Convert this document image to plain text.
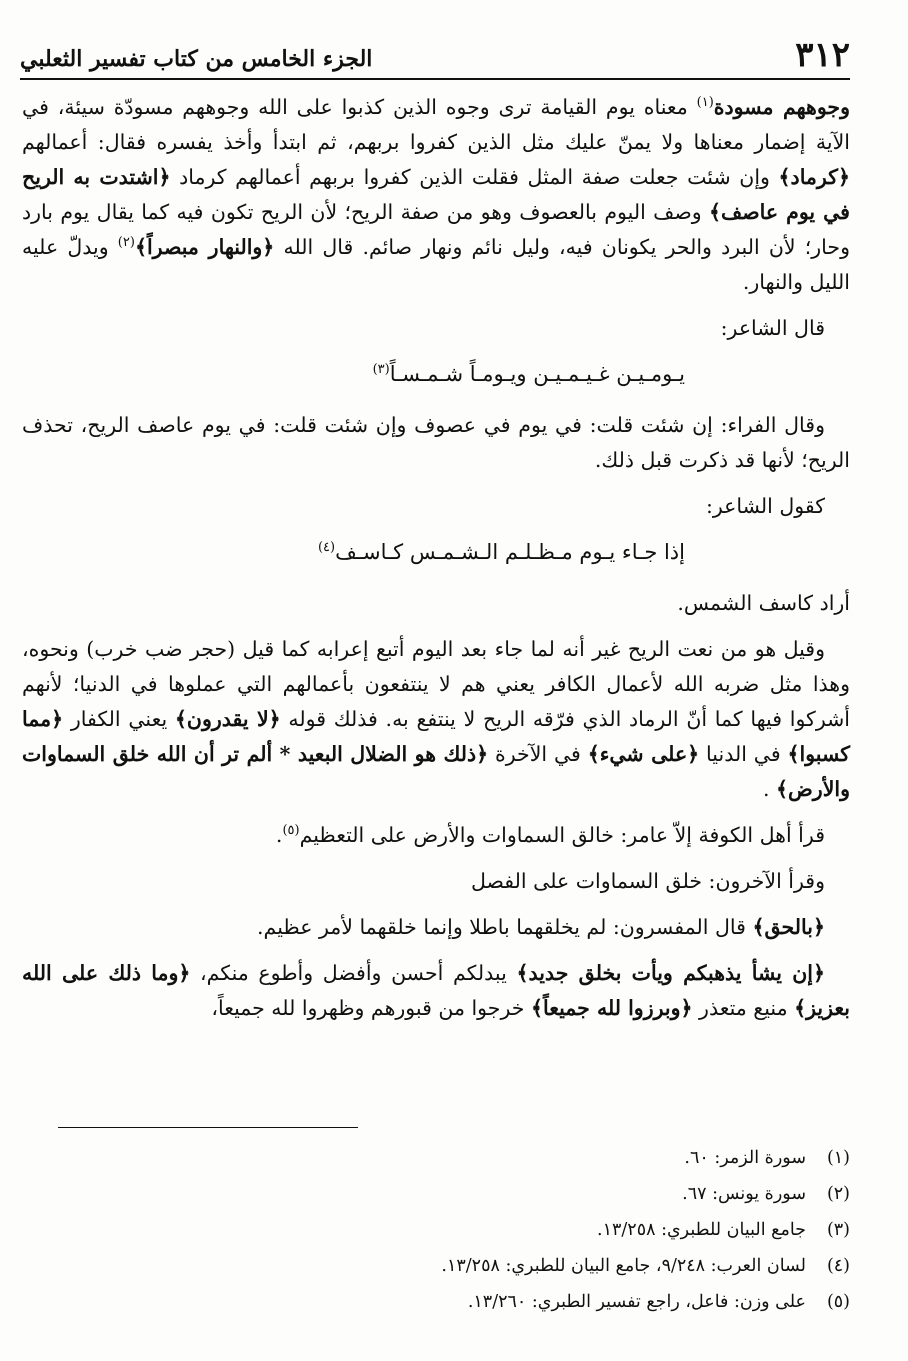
٣١٢
الجزء الخامس من كتاب تفسير الثعلبي

وجوههم مسودة$^{(١)}$ معناه يوم القيامة ترى وجوه الذين كذبوا على الله وجوههم مسودّة سيئة، في الآية إضمار معناها ولا يمنّ عليك مثل الذين كفروا بربهم، ثم ابتدأ وأخذ يفسره فقال: أعمالهم ﴿كرماد﴾ وإن شئت جعلت صفة المثل فقلت الذين كفروا بربهم أعمالهم كرماد ﴿اشتدت به الريح في يوم عاصف﴾ وصف اليوم بالعصوف وهو من صفة الريح؛ لأن الريح تكون فيه كما يقال يوم بارد وحار؛ لأن البرد والحر يكونان فيه، وليل نائم ونهار صائم. قال الله ﴿والنهار مبصراً﴾$^{(٢)}$ ويدلّ عليه الليل والنهار.

قال الشاعر:

يـومـيـن غـيـمـيـن ويـومـاً شـمـسـاً$^{(٣)}$

وقال الفراء: إن شئت قلت: في يوم في عصوف وإن شئت قلت: في يوم عاصف الريح، تحذف الريح؛ لأنها قد ذكرت قبل ذلك.

كقول الشاعر:

إذا جـاء يـوم مـظـلـم الـشـمـس كـاسـف$^{(٤)}$

أراد كاسف الشمس.

وقيل هو من نعت الريح غير أنه لما جاء بعد اليوم أتبع إعرابه كما قيل (حجر ضب خرب) ونحوه، وهذا مثل ضربه الله لأعمال الكافر يعني هم لا ينتفعون بأعمالهم التي عملوها في الدنيا؛ لأنهم أشركوا فيها كما أنّ الرماد الذي فرّقه الريح لا ينتفع به. فذلك قوله ﴿لا يقدرون﴾ يعني الكفار ﴿مما كسبوا﴾ في الدنيا ﴿على شيء﴾ في الآخرة ﴿ذلك هو الضلال البعيد * ألم تر أن الله خلق السماوات والأرض﴾ .

قرأ أهل الكوفة إلاّ عامر: خالق السماوات والأرض على التعظيم$^{(٥)}$.

وقرأ الآخرون: خلق السماوات على الفصل

﴿بالحق﴾ قال المفسرون: لم يخلقهما باطلا وإنما خلقهما لأمر عظيم.

﴿إن يشأ يذهبكم ويأت بخلق جديد﴾ يبدلكم أحسن وأفضل وأطوع منكم، ﴿وما ذلك على الله بعزيز﴾ منيع متعذر ﴿وبرزوا لله جميعاً﴾ خرجوا من قبورهم وظهروا لله جميعاً،

(١)
سورة الزمر: ٦٠.
(٢)
سورة يونس: ٦٧.
(٣)
جامع البيان للطبري: ١٣/٢٥٨.
(٤)
لسان العرب: ٩/٢٤٨، جامع البيان للطبري: ١٣/٢٥٨.
(٥)
على وزن: فاعل، راجع تفسير الطبري: ١٣/٢٦٠.
